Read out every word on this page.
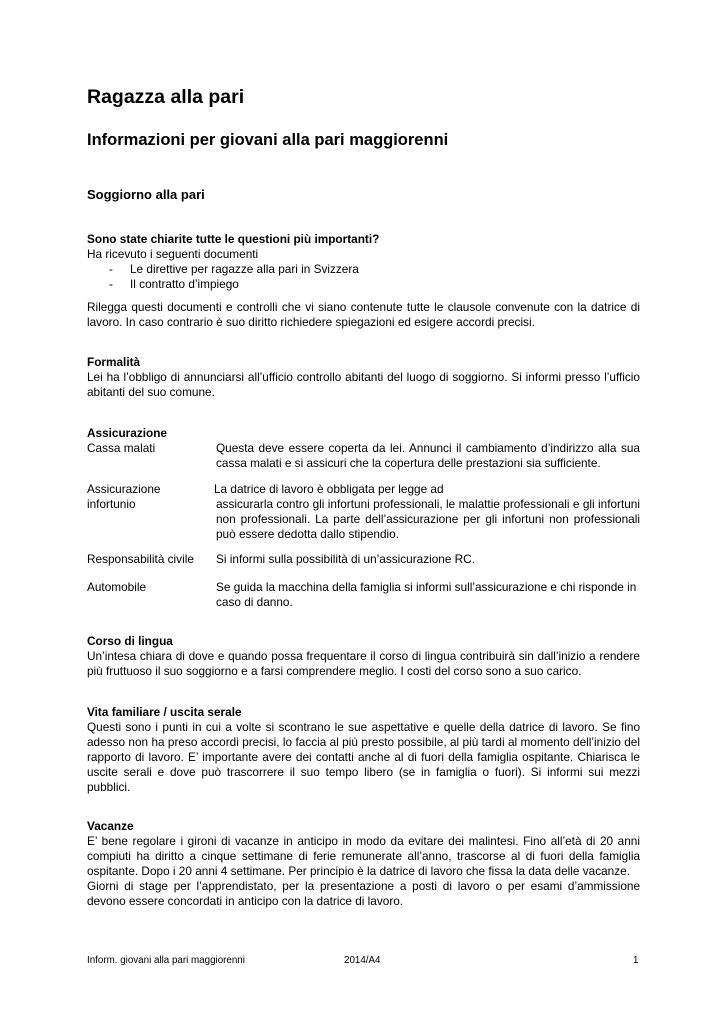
Ragazza alla pari
Informazioni per giovani alla pari maggiorenni
Soggiorno alla pari
Sono state chiarite tutte le questioni più importanti?
Ha ricevuto i seguenti documenti
- Le direttive per ragazze alla pari in Svizzera
- Il contratto d’impiego
Rilegga questi documenti e controlli che vi siano contenute tutte le clausole convenute con la datrice di lavoro. In caso contrario è suo diritto richiedere spiegazioni ed esigere accordi precisi.
Formalità
Lei ha l’obbligo di annunciarsi all’ufficio controllo abitanti del luogo di soggiorno. Si informi presso l’ufficio abitanti del suo comune.
Assicurazione
Cassa malati	Questa deve essere coperta da lei. Annunci il cambiamento d’indirizzo alla sua cassa malati e si assicuri che la copertura delle prestazioni sia sufficiente.
Assicurazione infortunio
La datrice di lavoro è obbligata per legge ad
assicurarla contro gli infortuni professionali, le malattie professionali e gli infortuni non professionali. La parte dell’assicurazione per gli infortuni non professionali può essere dedotta dallo stipendio.
Responsabilità civile	Si informi sulla possibilità di un’assicurazione RC.
Automobile	Se guida la macchina della famiglia si informi sull’assicurazione e chi risponde in caso di danno.
Corso di lingua
Un’intesa chiara di dove e quando possa frequentare il corso di lingua contribuirà sin dall’inizio a rendere più fruttuoso il suo soggiorno e a farsi comprendere meglio. I costi del corso sono a suo carico.
Vita familiare / uscita serale
Questi sono i punti in cui a volte si scontrano le sue aspettative e quelle della datrice di lavoro. Se fino adesso non ha preso accordi precisi, lo faccia al più presto possibile, al più tardi al momento dell’inizio del rapporto di lavoro. E’ importante avere dei contatti anche al di fuori della famiglia ospitante. Chiarisca le uscite serali e dove può trascorrere il suo tempo libero (se in famiglia o fuori). Si informi sui mezzi pubblici.
Vacanze
E’ bene regolare i gironi di vacanze in anticipo in modo da evitare dei malintesi. Fino all’età di 20 anni compiuti ha diritto a cinque settimane di ferie remunerate all’anno, trascorse al di fuori della famiglia ospitante. Dopo i 20 anni 4 settimane. Per principio è la datrice di lavoro che fissa la data delle vacanze.
Giorni di stage per l’apprendistato, per la presentazione a posti di lavoro o per esami d’ammissione devono essere concordati in anticipo con la datrice di lavoro.
Inform. giovani alla pari maggiorenni	2014/A4	1
